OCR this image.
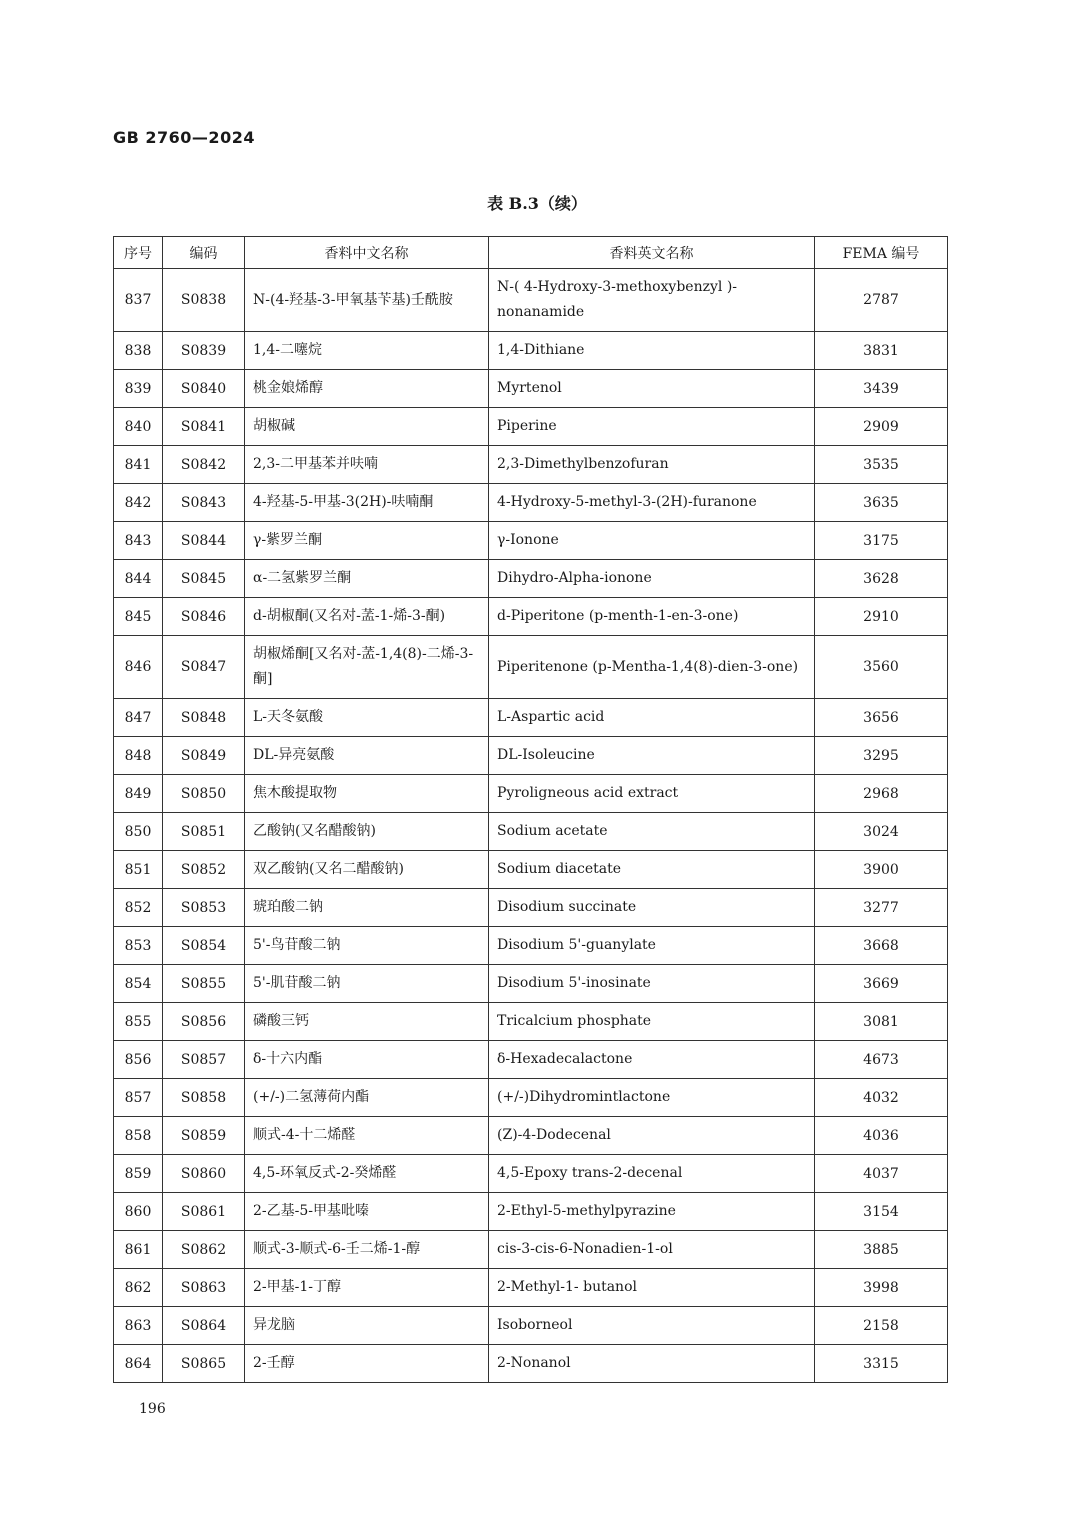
GB 2760—2024
表 B.3（续）
序号	编码	香料中文名称	香料英文名称	FEMA 编号
837	S0838	N-(4-羟基-3-甲氧基苄基)壬酰胺	N-( 4-Hydroxy-3-methoxybenzyl )-nonanamide	2787
838	S0839	1,4-二噻烷	1,4-Dithiane	3831
839	S0840	桃金娘烯醇	Myrtenol	3439
840	S0841	胡椒碱	Piperine	2909
841	S0842	2,3-二甲基苯并呋喃	2,3-Dimethylbenzofuran	3535
842	S0843	4-羟基-5-甲基-3(2H)-呋喃酮	4-Hydroxy-5-methyl-3-(2H)-furanone	3635
843	S0844	γ-紫罗兰酮	γ-Ionone	3175
844	S0845	α-二氢紫罗兰酮	Dihydro-Alpha-ionone	3628
845	S0846	d-胡椒酮(又名对-䓝-1-烯-3-酮)	d-Piperitone (p-menth-1-en-3-one)	2910
846	S0847	胡椒烯酮[又名对-䓝-1,4(8)-二烯-3-酮]	Piperitenone (p-Mentha-1,4(8)-dien-3-one)	3560
847	S0848	L-天冬氨酸	L-Aspartic acid	3656
848	S0849	DL-异亮氨酸	DL-Isoleucine	3295
849	S0850	焦木酸提取物	Pyroligneous acid extract	2968
850	S0851	乙酸钠(又名醋酸钠)	Sodium acetate	3024
851	S0852	双乙酸钠(又名二醋酸钠)	Sodium diacetate	3900
852	S0853	琥珀酸二钠	Disodium succinate	3277
853	S0854	5'-鸟苷酸二钠	Disodium 5'-guanylate	3668
854	S0855	5'-肌苷酸二钠	Disodium 5'-inosinate	3669
855	S0856	磷酸三钙	Tricalcium phosphate	3081
856	S0857	δ-十六内酯	δ-Hexadecalactone	4673
857	S0858	(+/-)二氢薄荷内酯	(+/-)Dihydromintlactone	4032
858	S0859	顺式-4-十二烯醛	(Z)-4-Dodecenal	4036
859	S0860	4,5-环氧反式-2-癸烯醛	4,5-Epoxy trans-2-decenal	4037
860	S0861	2-乙基-5-甲基吡嗪	2-Ethyl-5-methylpyrazine	3154
861	S0862	顺式-3-顺式-6-壬二烯-1-醇	cis-3-cis-6-Nonadien-1-ol	3885
862	S0863	2-甲基-1-丁醇	2-Methyl-1- butanol	3998
863	S0864	异龙脑	Isoborneol	2158
864	S0865	2-壬醇	2-Nonanol	3315
196
